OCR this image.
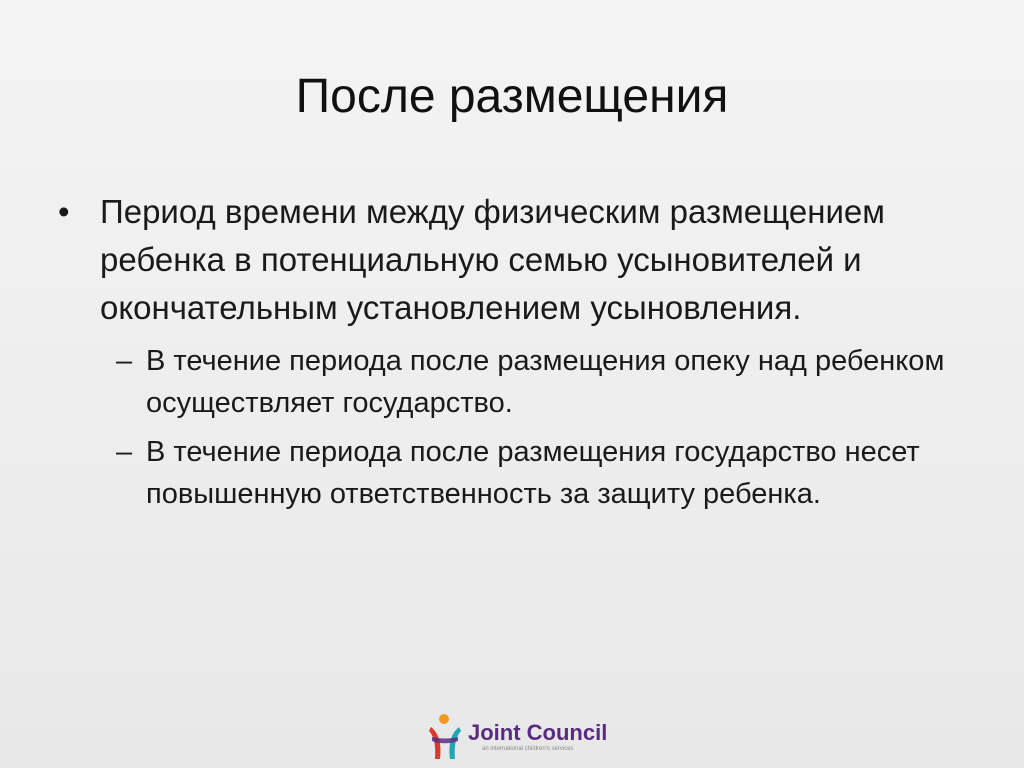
После размещения
• Период времени между физическим размещением ребенка в потенциальную семью усыновителей и окончательным установлением усыновления.
– В течение периода после размещения опеку над ребенком осуществляет государство.
– В течение периода после размещения государство несет повышенную ответственность за защиту ребенка.
Joint Council
an international children's services
